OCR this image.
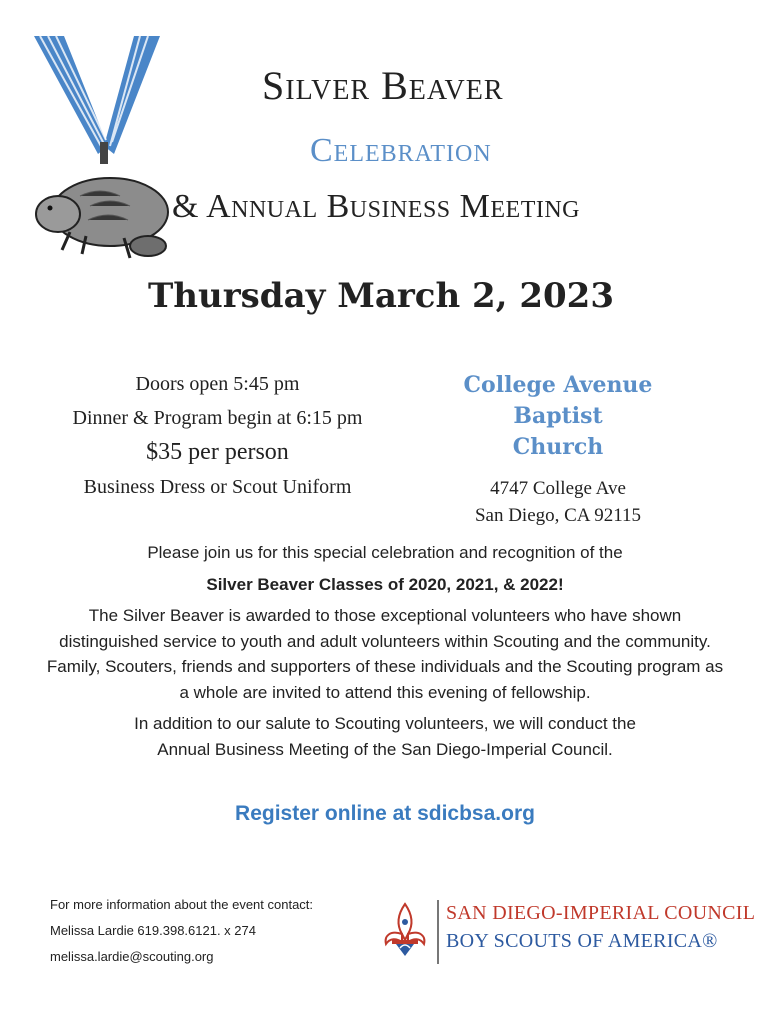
Silver Beaver
Celebration
& Annual Business Meeting
Thursday March 2, 2023
Doors open 5:45 pm
Dinner & Program begin at 6:15 pm
$35 per person
Business Dress or Scout Uniform
College Avenue Baptist
Church
4747 College Ave
San Diego, CA 92115

Please join us for this special celebration and recognition of the

Silver Beaver Classes of 2020, 2021, & 2022!

The Silver Beaver is awarded to those exceptional volunteers who have shown distinguished service to youth and adult volunteers within Scouting and the community. Family, Scouters, friends and supporters of these individuals and the Scouting program as a whole are invited to attend this evening of fellowship.

In addition to our salute to Scouting volunteers, we will conduct the
Annual Business Meeting of the San Diego-Imperial Council.

Register online at sdicbsa.org
For more information about the event contact:
Melissa Lardie 619.398.6121. x 274
melissa.lardie@scouting.org
SAN DIEGO-IMPERIAL COUNCIL
BOY SCOUTS OF AMERICA®
